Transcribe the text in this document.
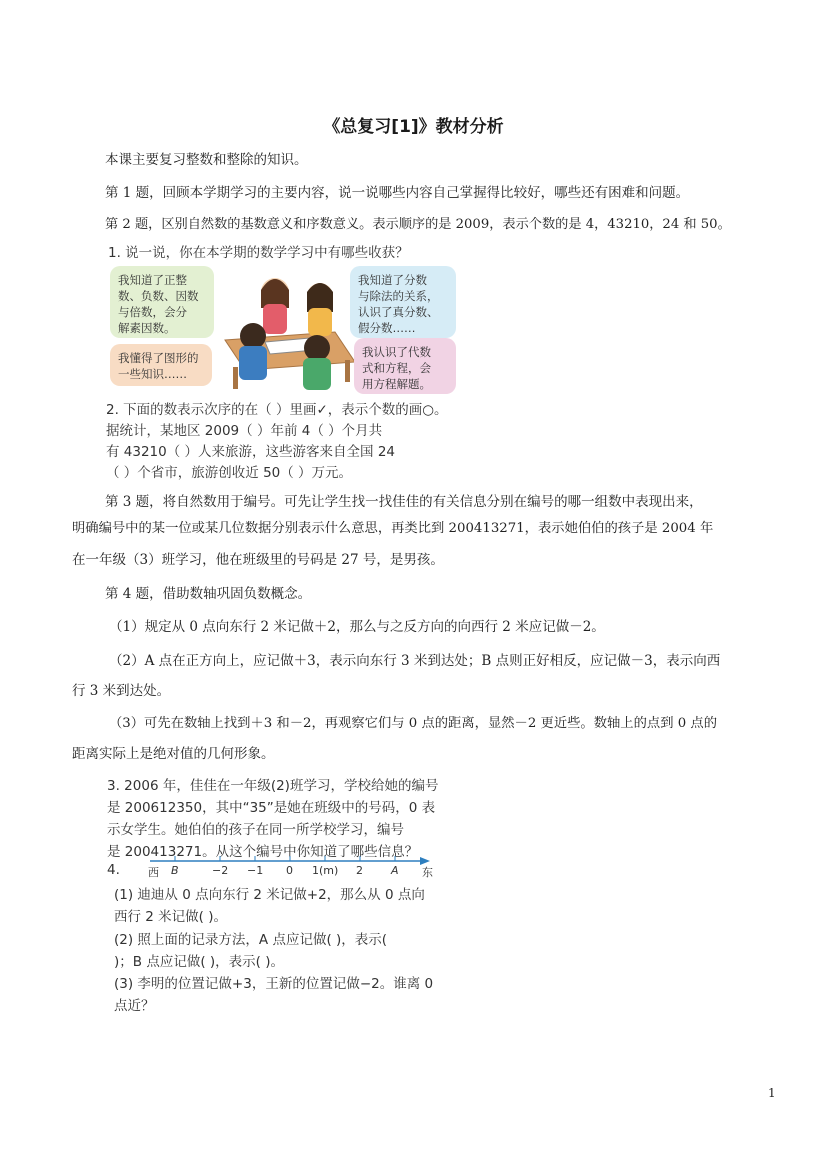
《总复习[1]》教材分析
本课主要复习整数和整除的知识。
第 1 题，回顾本学期学习的主要内容，说一说哪些内容自己掌握得比较好，哪些还有困难和问题。
第 2 题，区别自然数的基数意义和序数意义。表示顺序的是 2009，表示个数的是 4，43210，24 和 50。
1. 说一说，你在本学期的数学学习中有哪些收获？
我知道了正整
数、负数、因数
与倍数，会分
解素因数。
我知道了分数
与除法的关系，
认识了真分数、
假分数……
我懂得了图形的
一些知识……
我认识了代数
式和方程，会
用方程解题。
2. 下面的数表示次序的在（ ）里画✓，表示个数的画○。
据统计，某地区 2009（ ）年前 4（ ）个月共
有 43210（ ）人来旅游，这些游客来自全国 24
（ ）个省市，旅游创收近 50（ ）万元。
第 3 题，将自然数用于编号。可先让学生找一找佳佳的有关信息分别在编号的哪一组数中表现出来，
明确编号中的某一位或某几位数据分别表示什么意思，再类比到 200413271，表示她伯伯的孩子是 2004 年
在一年级（3）班学习，他在班级里的号码是 27 号，是男孩。
第 4 题，借助数轴巩固负数概念。
（1）规定从 0 点向东行 2 米记做＋2，那么与之反方向的向西行 2 米应记做－2。
（2）A 点在正方向上，应记做＋3，表示向东行 3 米到达处；B 点则正好相反，应记做－3，表示向西
行 3 米到达处。
（3）可先在数轴上找到＋3 和－2，再观察它们与 0 点的距离，显然－2 更近些。数轴上的点到 0 点的
距离实际上是绝对值的几何形象。
3. 2006 年，佳佳在一年级(2)班学习，学校给她的编号
是 200612350，其中“35”是她在班级中的号码，0 表
示女学生。她伯伯的孩子在同一所学校学习，编号
是 200413271。从这个编号中你知道了哪些信息？
4.	西 B	−2 −1 0 1(m) 2	A 东
(1) 迪迪从 0 点向东行 2 米记做+2，那么从 0 点向
西行 2 米记做( )。
(2) 照上面的记录方法，A 点应记做( )，表示(
)；B 点应记做( )，表示( )。
(3) 李明的位置记做+3，王新的位置记做−2。谁离 0
点近？
1
